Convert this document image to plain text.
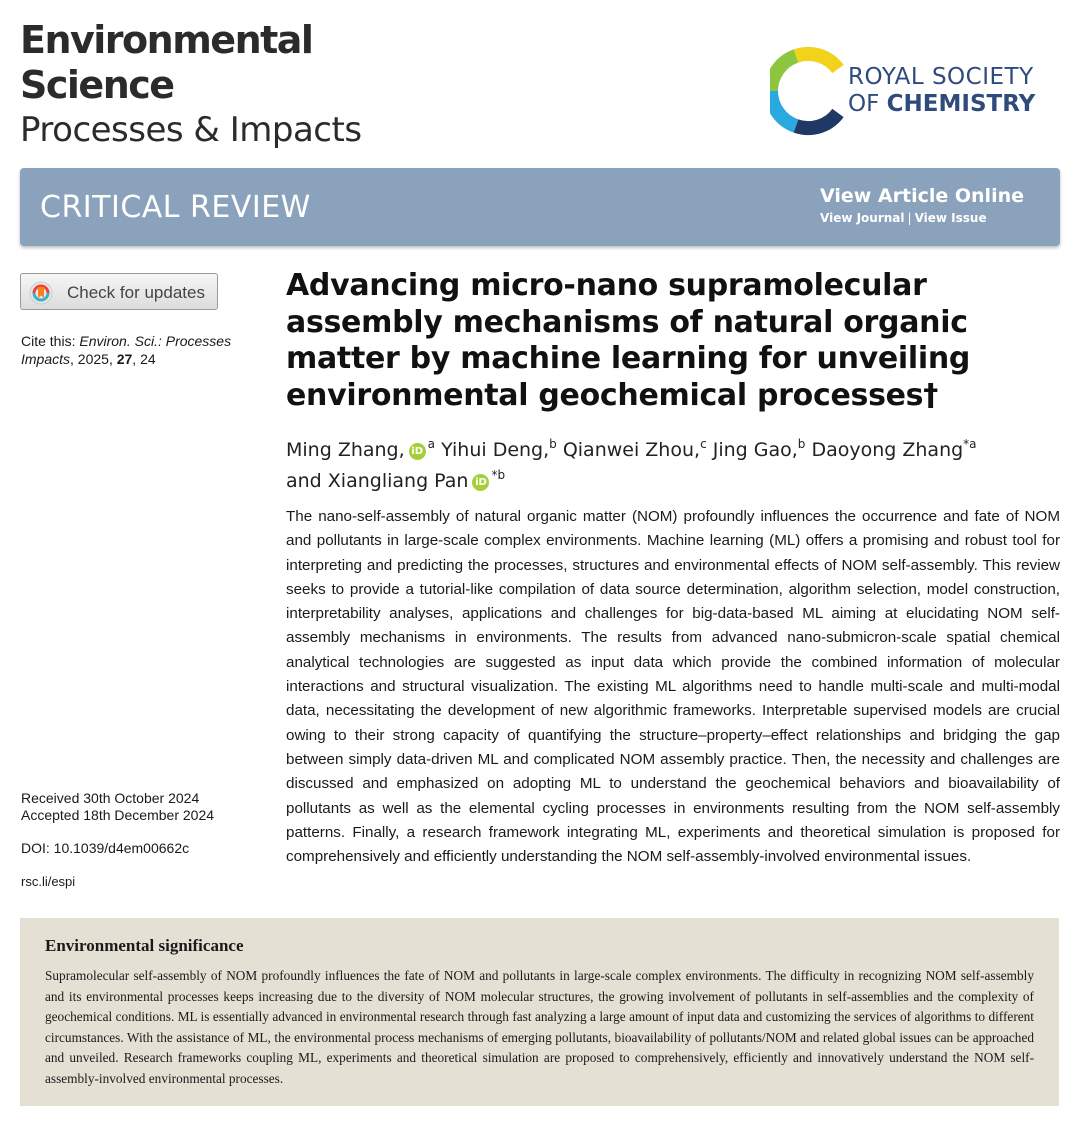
Environmental
Science
Processes & Impacts
ROYAL SOCIETY
OF CHEMISTRY
CRITICAL REVIEW	View Article Online
View Journal | View Issue
Check for updates
Cite this: Environ. Sci.: Processes Impacts, 2025, 27, 24
Received 30th October 2024
Accepted 18th December 2024
DOI: 10.1039/d4em00662c
rsc.li/espi
Advancing micro-nano supramolecular assembly mechanisms of natural organic matter by machine learning for unveiling environmental geochemical processes†
Ming Zhang, $iD^a$ Yihui Deng,$^b$ Qianwei Zhou,$^c$ Jing Gao,$^b$ Daoyong Zhang$^{*a}$
and Xiangliang Pan $iD^{*b}$
The nano-self-assembly of natural organic matter (NOM) profoundly influences the occurrence and fate of NOM and pollutants in large-scale complex environments. Machine learning (ML) offers a promising and robust tool for interpreting and predicting the processes, structures and environmental effects of NOM self-assembly. This review seeks to provide a tutorial-like compilation of data source determination, algorithm selection, model construction, interpretability analyses, applications and challenges for big-data-based ML aiming at elucidating NOM self-assembly mechanisms in environments. The results from advanced nano-submicron-scale spatial chemical analytical technologies are suggested as input data which provide the combined information of molecular interactions and structural visualization. The existing ML algorithms need to handle multi-scale and multi-modal data, necessitating the development of new algorithmic frameworks. Interpretable supervised models are crucial owing to their strong capacity of quantifying the structure–property–effect relationships and bridging the gap between simply data-driven ML and complicated NOM assembly practice. Then, the necessity and challenges are discussed and emphasized on adopting ML to understand the geochemical behaviors and bioavailability of pollutants as well as the elemental cycling processes in environments resulting from the NOM self-assembly patterns. Finally, a research framework integrating ML, experiments and theoretical simulation is proposed for comprehensively and efficiently understanding the NOM self-assembly-involved environmental issues.
Environmental significance
Supramolecular self-assembly of NOM profoundly influences the fate of NOM and pollutants in large-scale complex environments. The difficulty in recognizing NOM self-assembly and its environmental processes keeps increasing due to the diversity of NOM molecular structures, the growing involvement of pollutants in self-assemblies and the complexity of geochemical conditions. ML is essentially advanced in environmental research through fast analyzing a large amount of input data and customizing the services of algorithms to different circumstances. With the assistance of ML, the environmental process mechanisms of emerging pollutants, bioavailability of pollutants/NOM and related global issues can be approached and unveiled. Research frameworks coupling ML, experiments and theoretical simulation are proposed to comprehensively, efficiently and innovatively understand the NOM self-assembly-involved environmental processes.
